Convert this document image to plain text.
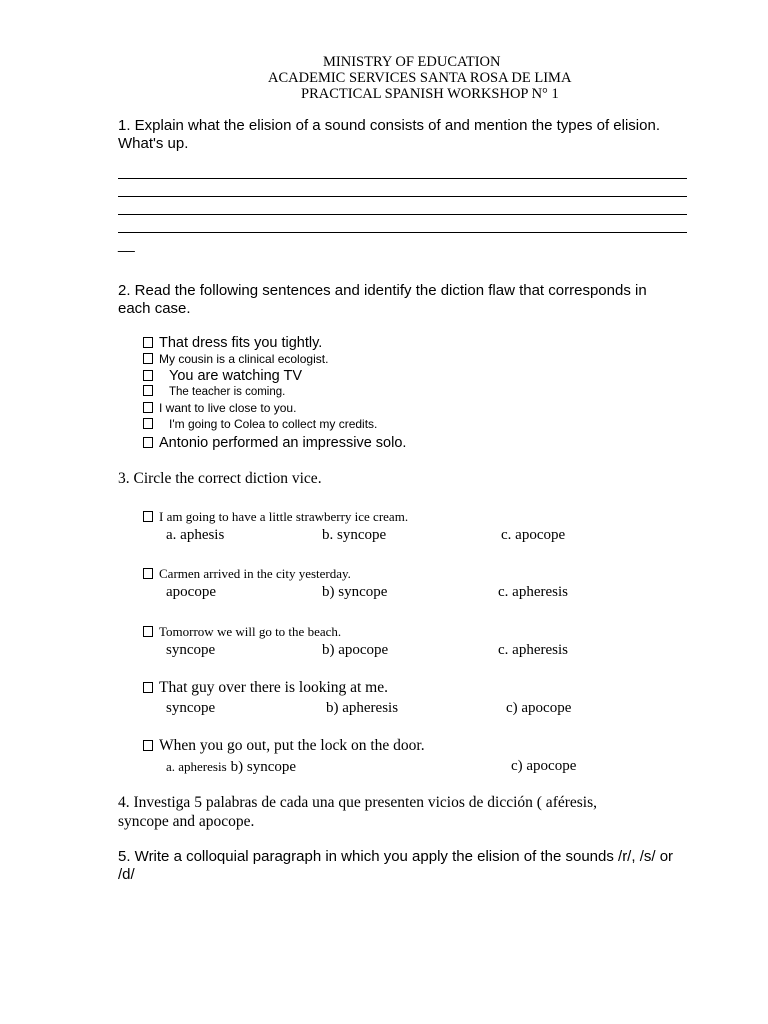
MINISTRY OF EDUCATION
ACADEMIC SERVICES SANTA ROSA DE LIMA
PRACTICAL SPANISH WORKSHOP N° 1
1. Explain what the elision of a sound consists of and mention the types of elision.
What's up.
__
2. Read the following sentences and identify the diction flaw that corresponds in
each case.
That dress fits you tightly.
My cousin is a clinical ecologist.
You are watching TV
The teacher is coming.
I want to live close to you.
I'm going to Colea to collect my credits.
Antonio performed an impressive solo.
3. Circle the correct diction vice.
I am going to have a little strawberry ice cream.
a. aphesis	b. syncope	c. apocope
Carmen arrived in the city yesterday.
apocope	b) syncope	c. apheresis
Tomorrow we will go to the beach.
syncope	b) apocope	c. apheresis
That guy over there is looking at me.
syncope	b) apheresis	c) apocope
When you go out, put the lock on the door.
a. apheresis b) syncope	c) apocope
4. Investiga 5 palabras de cada una que presenten vicios de dicción ( aféresis,
syncope and apocope.
5. Write a colloquial paragraph in which you apply the elision of the sounds /r/, /s/ or
/d/
